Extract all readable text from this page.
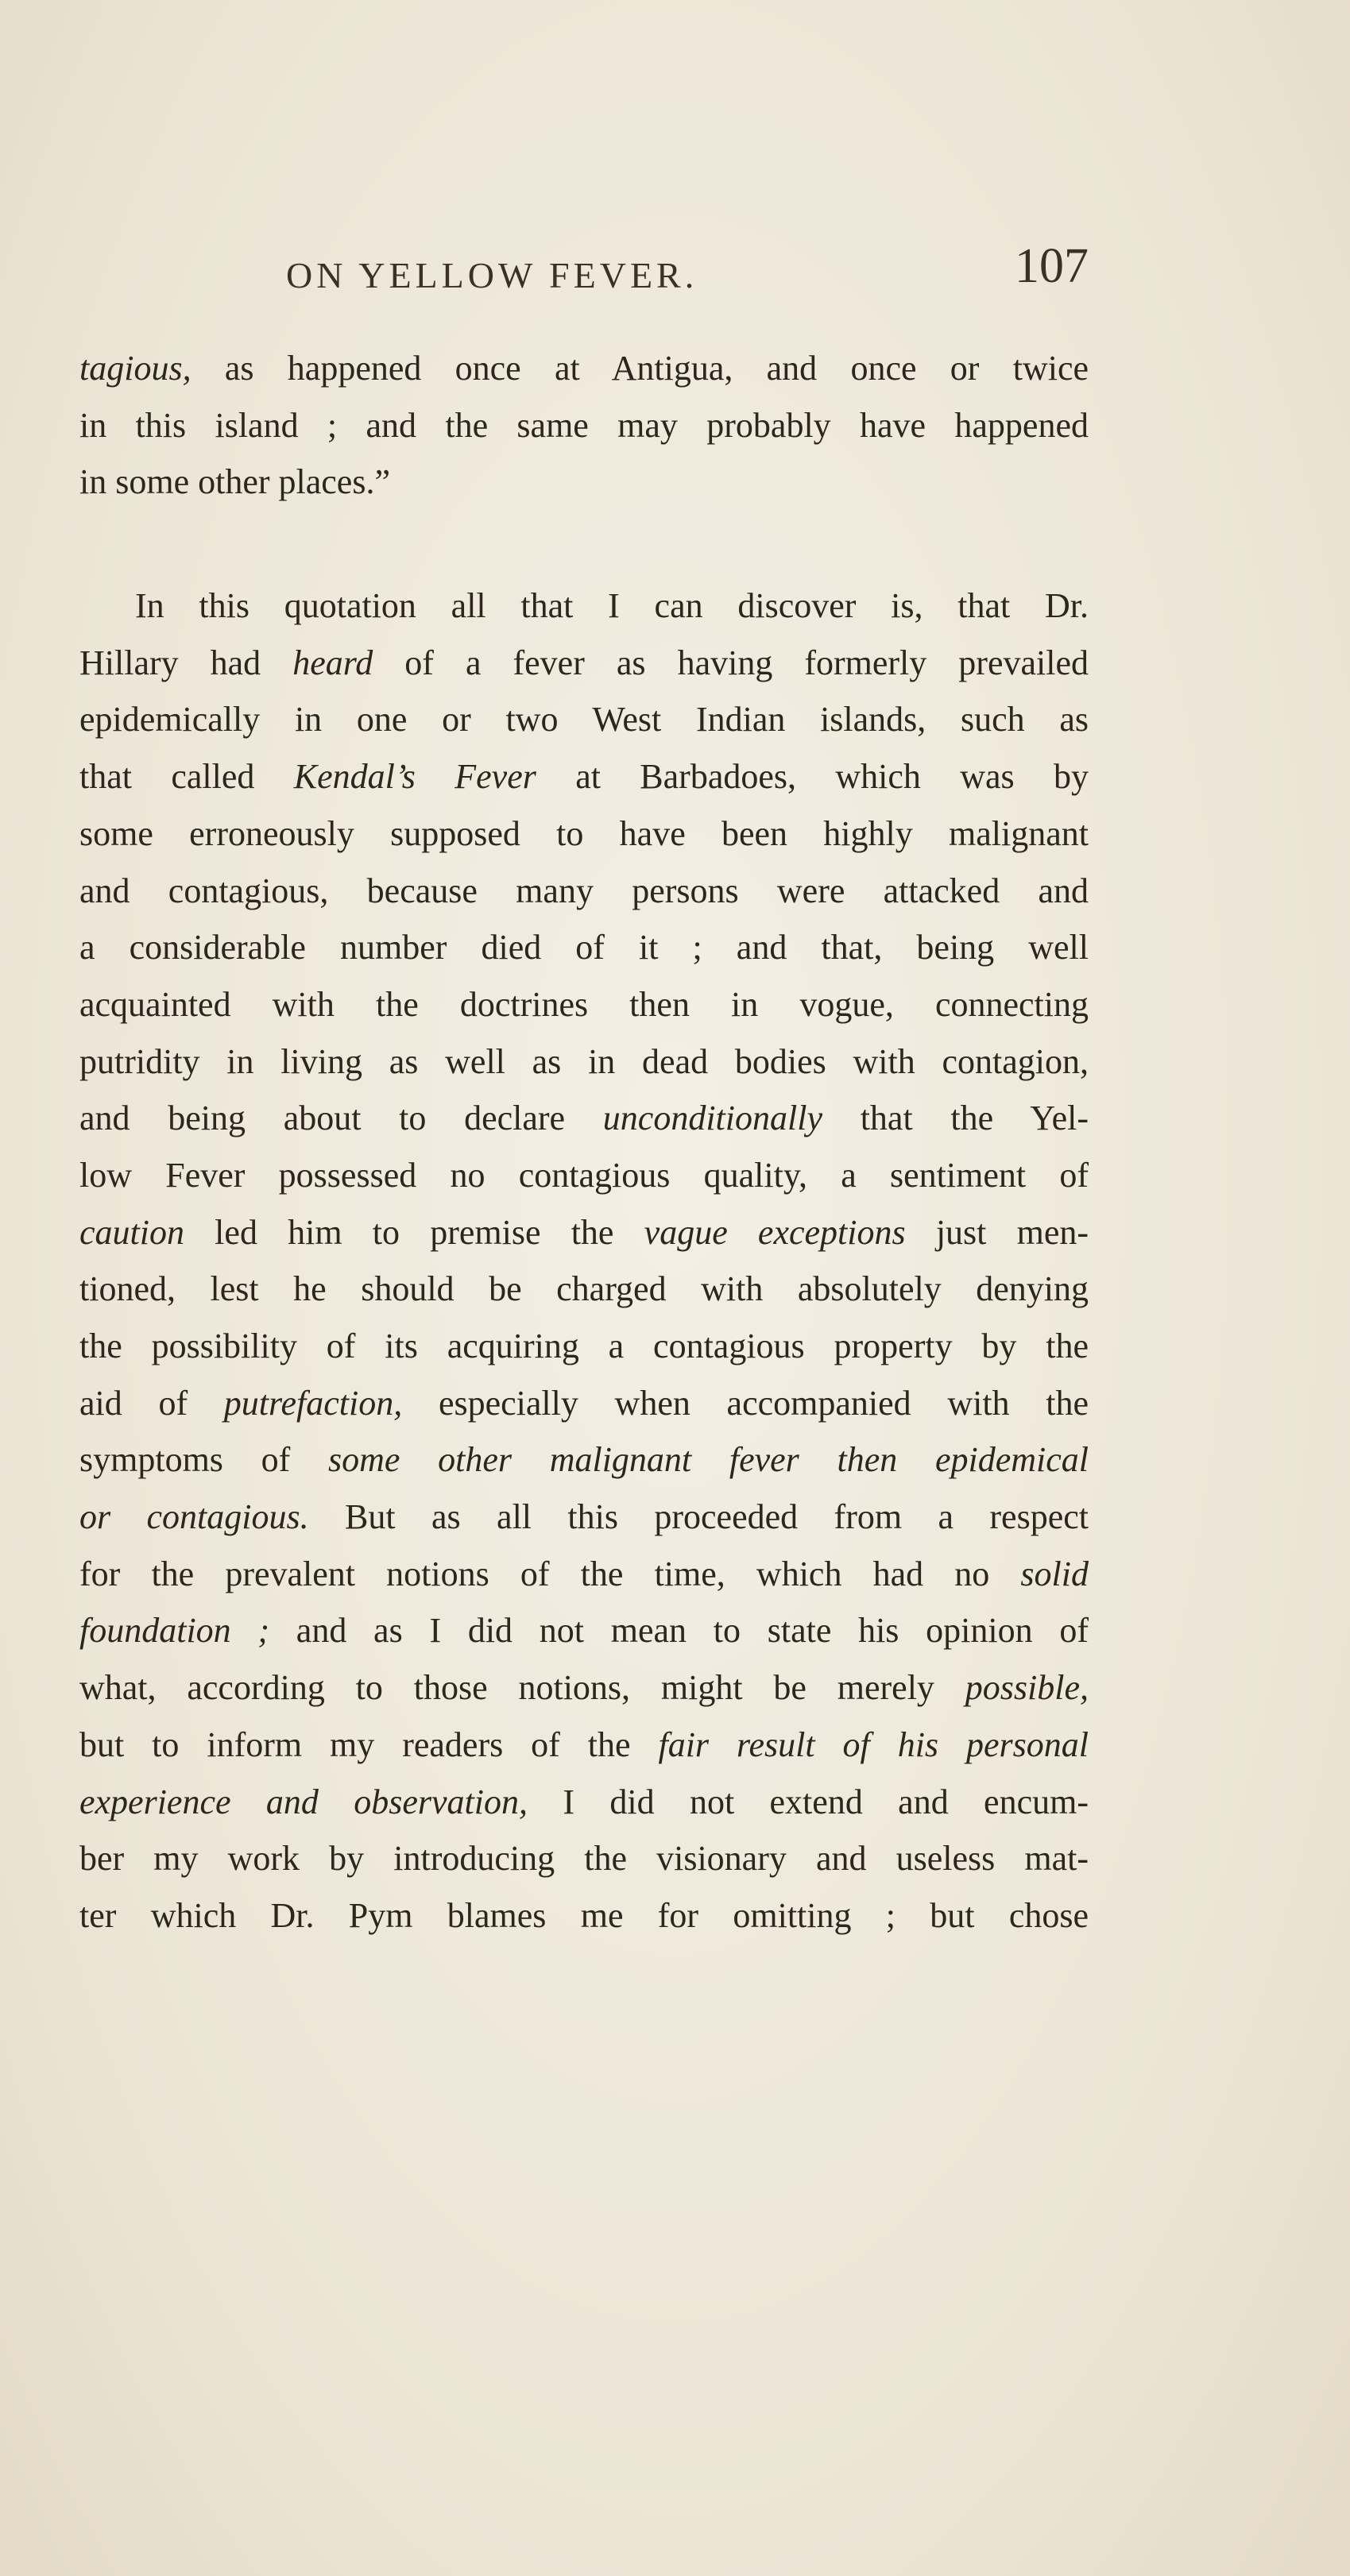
ON YELLOW FEVER.	107
tagious, as happened once at Antigua, and once or twice
in this island ; and the same may probably have happened
in some other places.”
In this quotation all that I can discover is, that Dr.
Hillary had heard of a fever as having formerly prevailed
epidemically in one or two West Indian islands, such as
that called Kendal’s Fever at Barbadoes, which was by
some erroneously supposed to have been highly malignant
and contagious, because many persons were attacked and
a considerable number died of it ; and that, being well
acquainted with the doctrines then in vogue, connecting
putridity in living as well as in dead bodies with contagion,
and being about to declare unconditionally that the Yel-
low Fever possessed no contagious quality, a sentiment of
caution led him to premise the vague exceptions just men-
tioned, lest he should be charged with absolutely denying
the possibility of its acquiring a contagious property by the
aid of putrefaction, especially when accompanied with the
symptoms of some other malignant fever then epidemical
or contagious. But as all this proceeded from a respect
for the prevalent notions of the time, which had no solid
foundation ; and as I did not mean to state his opinion of
what, according to those notions, might be merely possible,
but to inform my readers of the fair result of his personal
experience and observation, I did not extend and encum-
ber my work by introducing the visionary and useless mat-
ter which Dr. Pym blames me for omitting ; but chose
